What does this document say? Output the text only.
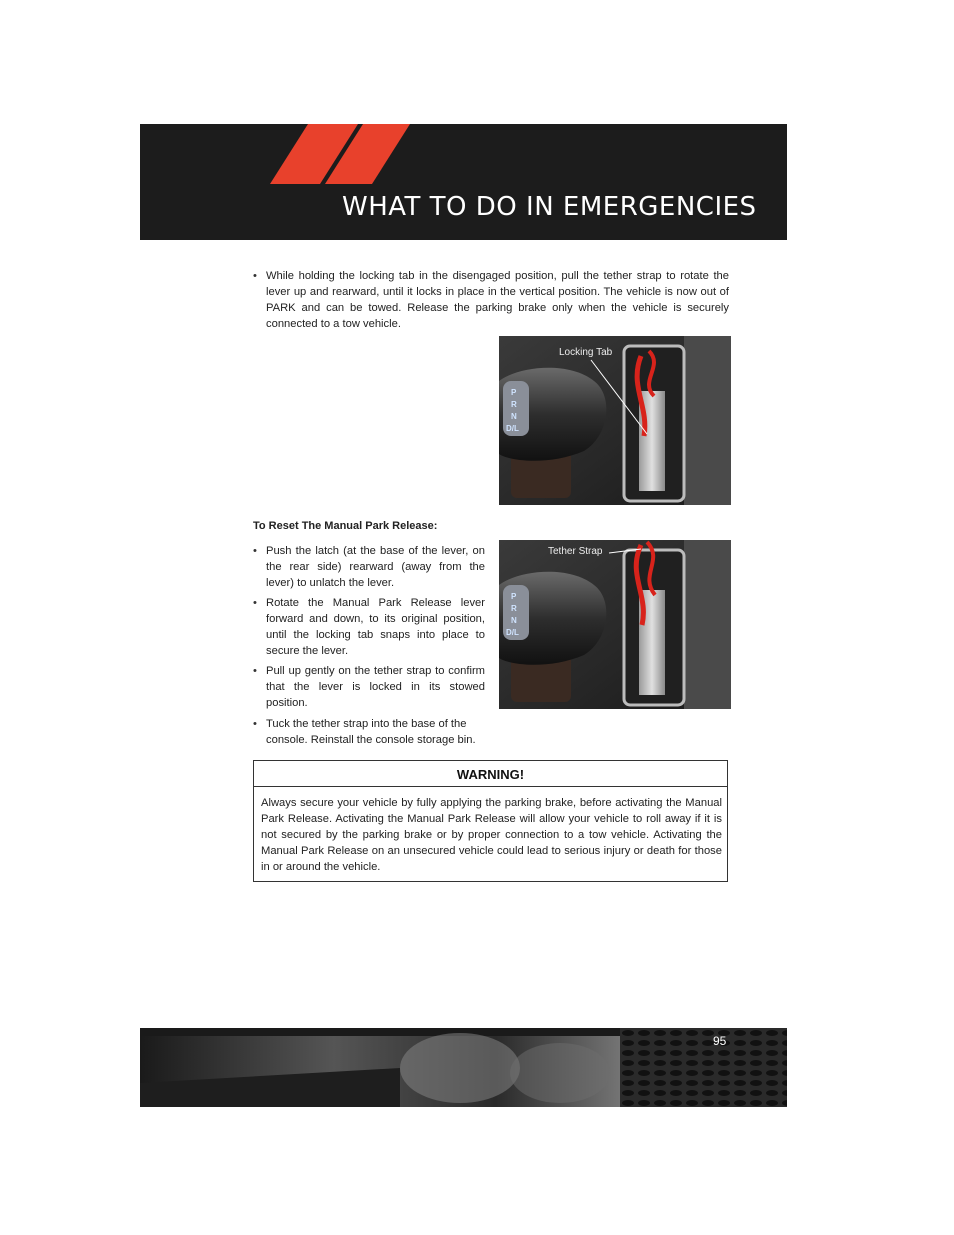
WHAT TO DO IN EMERGENCIES
• While holding the locking tab in the disengaged position, pull the tether strap to rotate the lever up and rearward, until it locks in place in the vertical position. The vehicle is now out of PARK and can be towed. Release the parking brake only when the vehicle is securely connected to a tow vehicle.

Locking Tab
P
R
N
D/L

To Reset The Manual Park Release:

• Push the latch (at the base of the lever, on the rear side) rearward (away from the lever) to unlatch the lever.

• Rotate the Manual Park Release lever forward and down, to its original position, until the locking tab snaps into place to secure the lever.

• Pull up gently on the tether strap to confirm that the lever is locked in its stowed position.

• Tuck the tether strap into the base of the console. Reinstall the console storage bin.

Tether Strap
P
R
N
D/L
WARNING!

Always secure your vehicle by fully applying the parking brake, before activating the Manual Park Release. Activating the Manual Park Release will allow your vehicle to roll away if it is not secured by the parking brake or by proper connection to a tow vehicle. Activating the Manual Park Release on an unsecured vehicle could lead to serious injury or death for those in or around the vehicle.

95
